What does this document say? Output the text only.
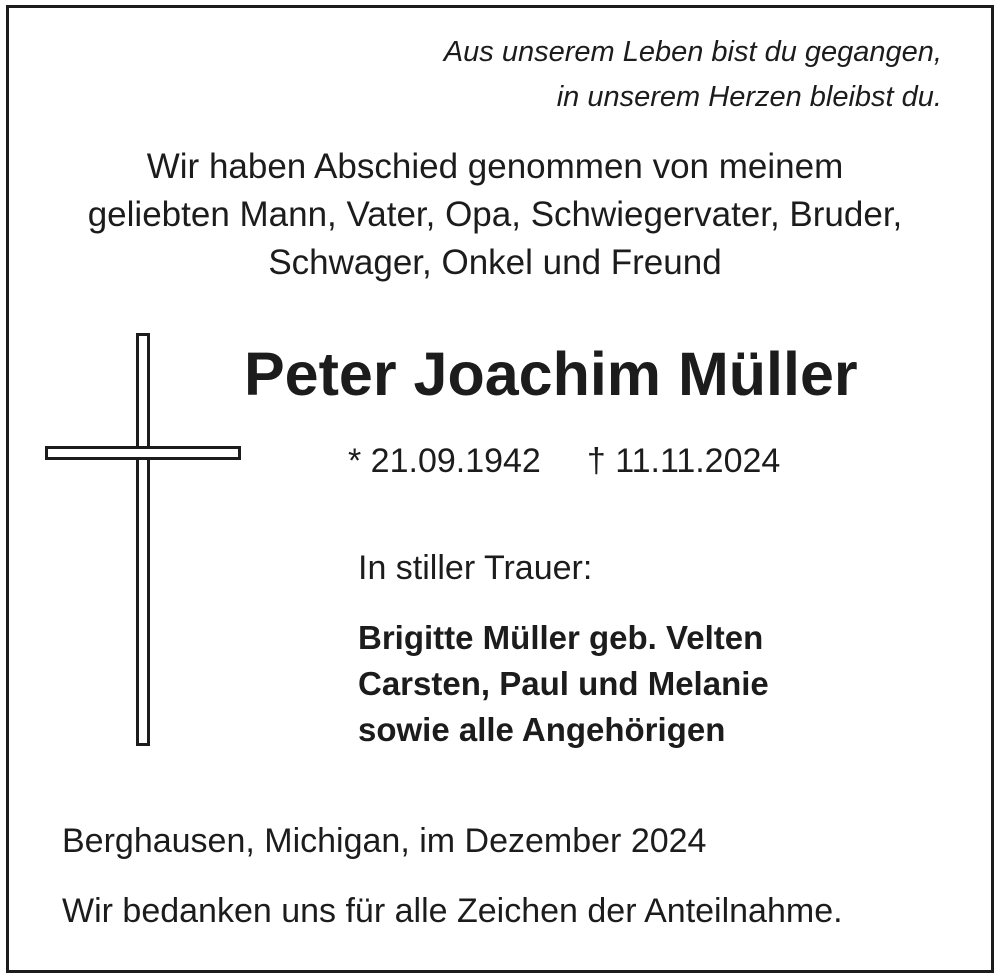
Aus unserem Leben bist du gegangen,
in unserem Herzen bleibst du.
Wir haben Abschied genommen von meinem
geliebten Mann, Vater, Opa, Schwiegervater, Bruder,
Schwager, Onkel und Freund
Peter Joachim Müller
* 21.09.1942 † 11.11.2024
In stiller Trauer:
Brigitte Müller geb. Velten
Carsten, Paul und Melanie
sowie alle Angehörigen
Berghausen, Michigan, im Dezember 2024
Wir bedanken uns für alle Zeichen der Anteilnahme.
